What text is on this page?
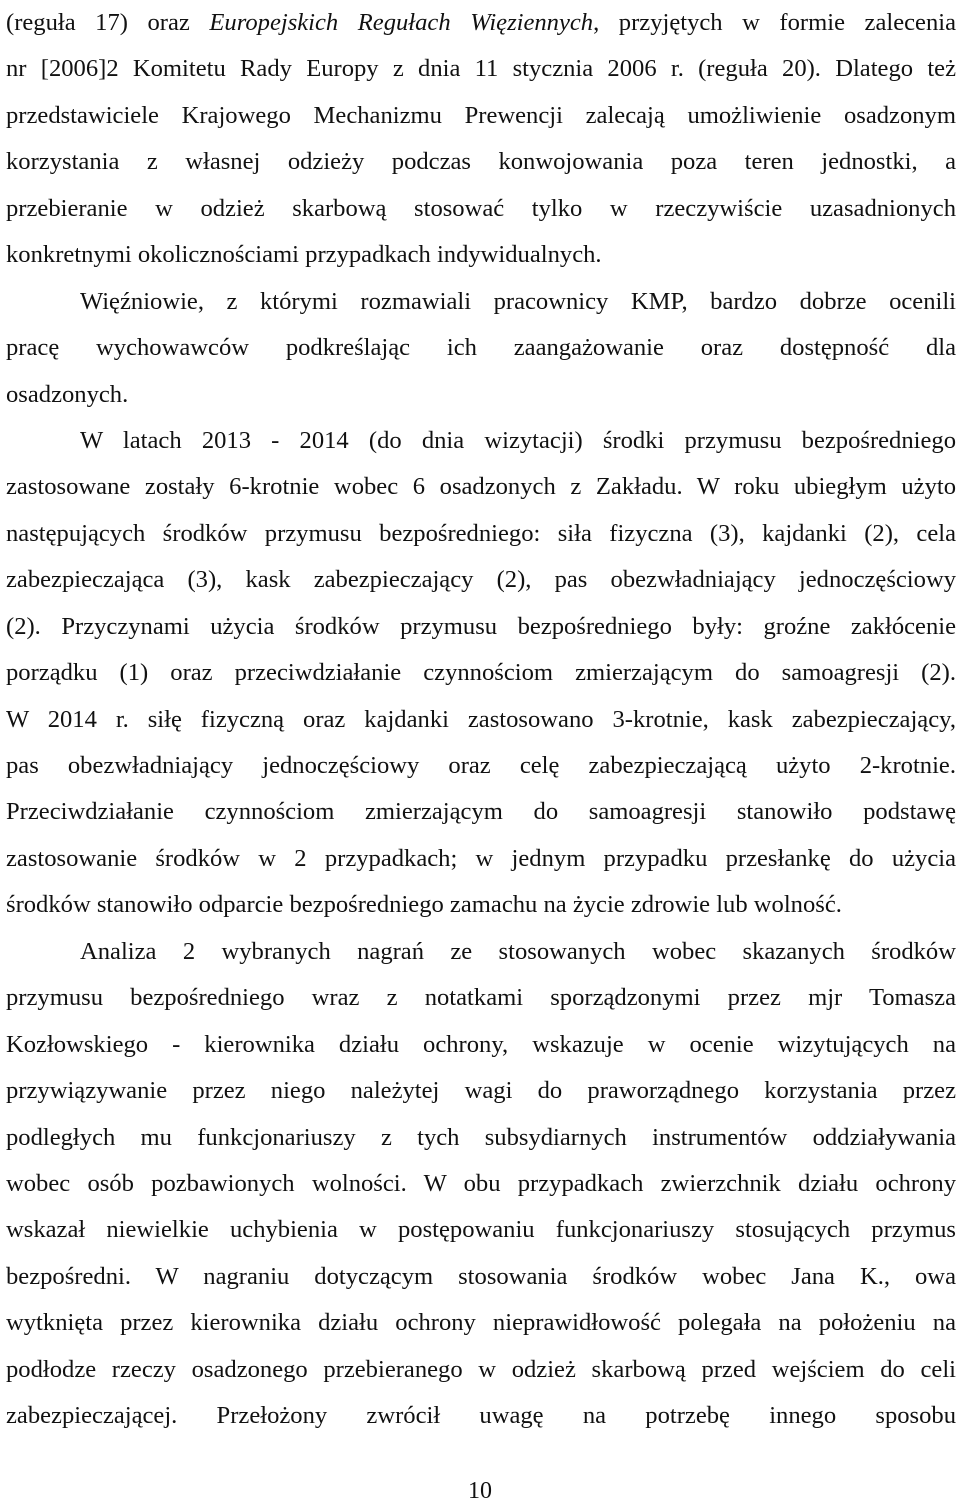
(reguła 17) oraz Europejskich Regułach Więziennych, przyjętych w formie zalecenia
nr [2006]2 Komitetu Rady Europy z dnia 11 stycznia 2006 r. (reguła 20). Dlatego też
przedstawiciele Krajowego Mechanizmu Prewencji zalecają umożliwienie osadzonym
korzystania z własnej odzieży podczas konwojowania poza teren jednostki, a
przebieranie w odzież skarbową stosować tylko w rzeczywiście uzasadnionych
konkretnymi okolicznościami przypadkach indywidualnych.
Więźniowie, z którymi rozmawiali pracownicy KMP, bardzo dobrze ocenili
pracę wychowawców podkreślając ich zaangażowanie oraz dostępność dla
osadzonych.
W latach 2013 - 2014 (do dnia wizytacji) środki przymusu bezpośredniego
zastosowane zostały 6-krotnie wobec 6 osadzonych z Zakładu. W roku ubiegłym użyto
następujących środków przymusu bezpośredniego: siła fizyczna (3), kajdanki (2), cela
zabezpieczająca (3), kask zabezpieczający (2), pas obezwładniający jednoczęściowy
(2). Przyczynami użycia środków przymusu bezpośredniego były: groźne zakłócenie
porządku (1) oraz przeciwdziałanie czynnościom zmierzającym do samoagresji (2).
W 2014 r. siłę fizyczną oraz kajdanki zastosowano 3-krotnie, kask zabezpieczający,
pas obezwładniający jednoczęściowy oraz celę zabezpieczającą użyto 2-krotnie.
Przeciwdziałanie czynnościom zmierzającym do samoagresji stanowiło podstawę
zastosowanie środków w 2 przypadkach; w jednym przypadku przesłankę do użycia
środków stanowiło odparcie bezpośredniego zamachu na życie zdrowie lub wolność.
Analiza 2 wybranych nagrań ze stosowanych wobec skazanych środków
przymusu bezpośredniego wraz z notatkami sporządzonymi przez mjr Tomasza
Kozłowskiego - kierownika działu ochrony, wskazuje w ocenie wizytujących na
przywiązywanie przez niego należytej wagi do praworządnego korzystania przez
podległych mu funkcjonariuszy z tych subsydiarnych instrumentów oddziaływania
wobec osób pozbawionych wolności. W obu przypadkach zwierzchnik działu ochrony
wskazał niewielkie uchybienia w postępowaniu funkcjonariuszy stosujących przymus
bezpośredni. W nagraniu dotyczącym stosowania środków wobec Jana K., owa
wytknięta przez kierownika działu ochrony nieprawidłowość polegała na położeniu na
podłodze rzeczy osadzonego przebieranego w odzież skarbową przed wejściem do celi
zabezpieczającej. Przełożony zwrócił uwagę na potrzebę innego sposobu
10
